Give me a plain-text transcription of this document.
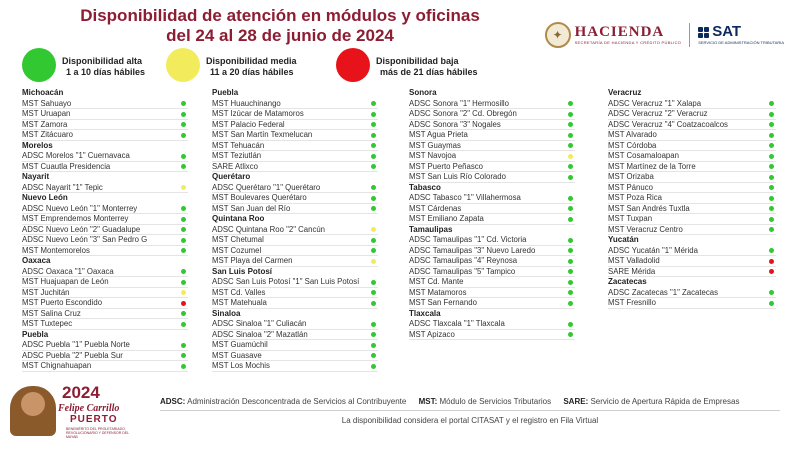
Disponibilidad de atención en módulos y oficinas
del 24 al 28 de junio de 2024	✦ HACIENDA
SECRETARÍA DE HACIENDA Y CRÉDITO PÚBLICO
SAT
SERVICIO DE ADMINISTRACIÓN TRIBUTARIA
Disponibilidad alta
1 a 10 días hábiles
Disponibilidad media
11 a 20 días hábiles
Disponibilidad baja
más de 21 días hábiles
Michoacán
MST Sahuayo
MST Uruapan
MST Zamora
MST Zitácuaro
Morelos
ADSC Morelos "1" Cuernavaca
MST Cuautla Presidencia
Nayarit
ADSC Nayarit "1" Tepic
Nuevo León
ADSC Nuevo León "1" Monterrey
MST Emprendemos Monterrey
ADSC Nuevo León "2" Guadalupe
ADSC Nuevo León "3" San Pedro G
MST Montemorelos
Oaxaca
ADSC Oaxaca "1" Oaxaca
MST Huajuapan de León
MST Juchitán
MST Puerto Escondido
MST Salina Cruz
MST Tuxtepec
Puebla
ADSC Puebla "1" Puebla Norte
ADSC Puebla "2" Puebla Sur
MST Chignahuapan
Puebla
MST Huauchinango
MST Izúcar de Matamoros
MST Palacio Federal
MST San Martín Texmelucan
MST Tehuacán
MST Teziutlán
SARE Atlixco
Querétaro
ADSC Querétaro "1" Querétaro
MST Boulevares Querétaro
MST San Juan del Río
Quintana Roo
ADSC Quintana Roo "2" Cancún
MST Chetumal
MST Cozumel
MST Playa del Carmen
San Luis Potosí
ADSC San Luis Potosí "1" San Luis Potosí
MST Cd. Valles
MST Matehuala
Sinaloa
ADSC Sinaloa "1" Culiacán
ADSC Sinaloa "2" Mazatlán
MST Guamúchil
MST Guasave
MST Los Mochis
Sonora
ADSC Sonora "1" Hermosillo
ADSC Sonora "2" Cd. Obregón
ADSC Sonora "3" Nogales
MST Agua Prieta
MST Guaymas
MST Navojoa
MST Puerto Peñasco
MST San Luis Río Colorado
Tabasco
ADSC Tabasco "1" Villahermosa
MST Cárdenas
MST Emiliano Zapata
Tamaulipas
ADSC Tamaulipas "1" Cd. Victoria
ADSC Tamaulipas "3" Nuevo Laredo
ADSC Tamaulipas "4" Reynosa
ADSC Tamaulipas "5" Tampico
MST Cd. Mante
MST Matamoros
MST San Fernando
Tlaxcala
ADSC Tlaxcala "1" Tlaxcala
MST Apizaco
Veracruz
ADSC Veracruz "1" Xalapa
ADSC Veracruz "2" Veracruz
ADSC Veracruz "4" Coatzacoalcos
MST Alvarado
MST Córdoba
MST Cosamaloapan
MST Martínez de la Torre
MST Orizaba
MST Pánuco
MST Poza Rica
MST San Andrés Tuxtla
MST Tuxpan
MST Veracruz Centro
Yucatán
ADSC Yucatán "1" Mérida
MST Valladolid
SARE Mérida
Zacatecas
ADSC Zacatecas "1" Zacatecas
MST Fresnillo
2024
Felipe Carrillo
PUERTO
BENEMÉRITO DEL PROLETARIADO, REVOLUCIONARIO Y DEFENSOR DEL MAYAB
ADSC: Administración Desconcentrada de Servicios al Contribuyente MST: Módulo de Servicios Tributarios SARE: Servicio de Apertura Rápida de Empresas
La disponibilidad considera el portal CITASAT y el registro en Fila Virtual
